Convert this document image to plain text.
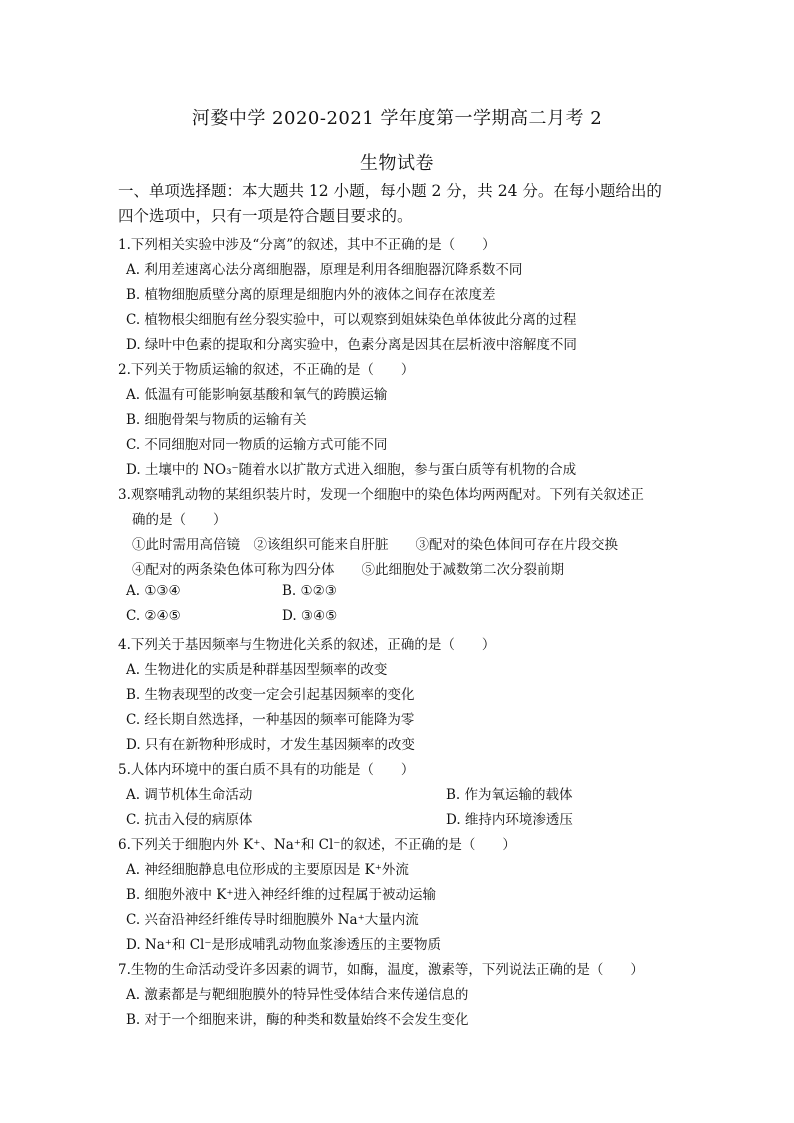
河婺中学 2020-2021 学年度第一学期高二月考 2
生物试卷
一、单项选择题：本大题共 12 小题，每小题 2 分，共 24 分。在每小题给出的
四个选项中，只有一项是符合题目要求的。
1.下列相关实验中涉及“分离”的叙述，其中不正确的是（　　）
A. 利用差速离心法分离细胞器，原理是利用各细胞器沉降系数不同
B. 植物细胞质壁分离的原理是细胞内外的液体之间存在浓度差
C. 植物根尖细胞有丝分裂实验中，可以观察到姐妹染色单体彼此分离的过程
D. 绿叶中色素的提取和分离实验中，色素分离是因其在层析液中溶解度不同
2.下列关于物质运输的叙述，不正确的是（　　）
A. 低温有可能影响氨基酸和氧气的跨膜运输
B. 细胞骨架与物质的运输有关
C. 不同细胞对同一物质的运输方式可能不同
D. 土壤中的 NO₃⁻随着水以扩散方式进入细胞，参与蛋白质等有机物的合成
3.观察哺乳动物的某组织装片时，发现一个细胞中的染色体均两两配对。下列有关叙述正
确的是（　　）
①此时需用高倍镜　②该组织可能来自肝脏　　③配对的染色体间可存在片段交换
④配对的两条染色体可称为四分体　　⑤此细胞处于减数第二次分裂前期
A. ①③④	B. ①②③
C. ②④⑤	D. ③④⑤
4.下列关于基因频率与生物进化关系的叙述，正确的是（　　）
A. 生物进化的实质是种群基因型频率的改变
B. 生物表现型的改变一定会引起基因频率的变化
C. 经长期自然选择，一种基因的频率可能降为零
D. 只有在新物种形成时，才发生基因频率的改变
5.人体内环境中的蛋白质不具有的功能是（　　）
A. 调节机体生命活动	B. 作为氧运输的载体
C. 抗击入侵的病原体	D. 维持内环境渗透压
6.下列关于细胞内外 K⁺、Na⁺和 Cl⁻的叙述，不正确的是（　　）
A. 神经细胞静息电位形成的主要原因是 K⁺外流
B. 细胞外液中 K⁺进入神经纤维的过程属于被动运输
C. 兴奋沿神经纤维传导时细胞膜外 Na⁺大量内流
D. Na⁺和 Cl⁻是形成哺乳动物血浆渗透压的主要物质
7.生物的生命活动受许多因素的调节，如酶，温度，激素等，下列说法正确的是（　　）
A. 激素都是与靶细胞膜外的特异性受体结合来传递信息的
B. 对于一个细胞来讲，酶的种类和数量始终不会发生变化
